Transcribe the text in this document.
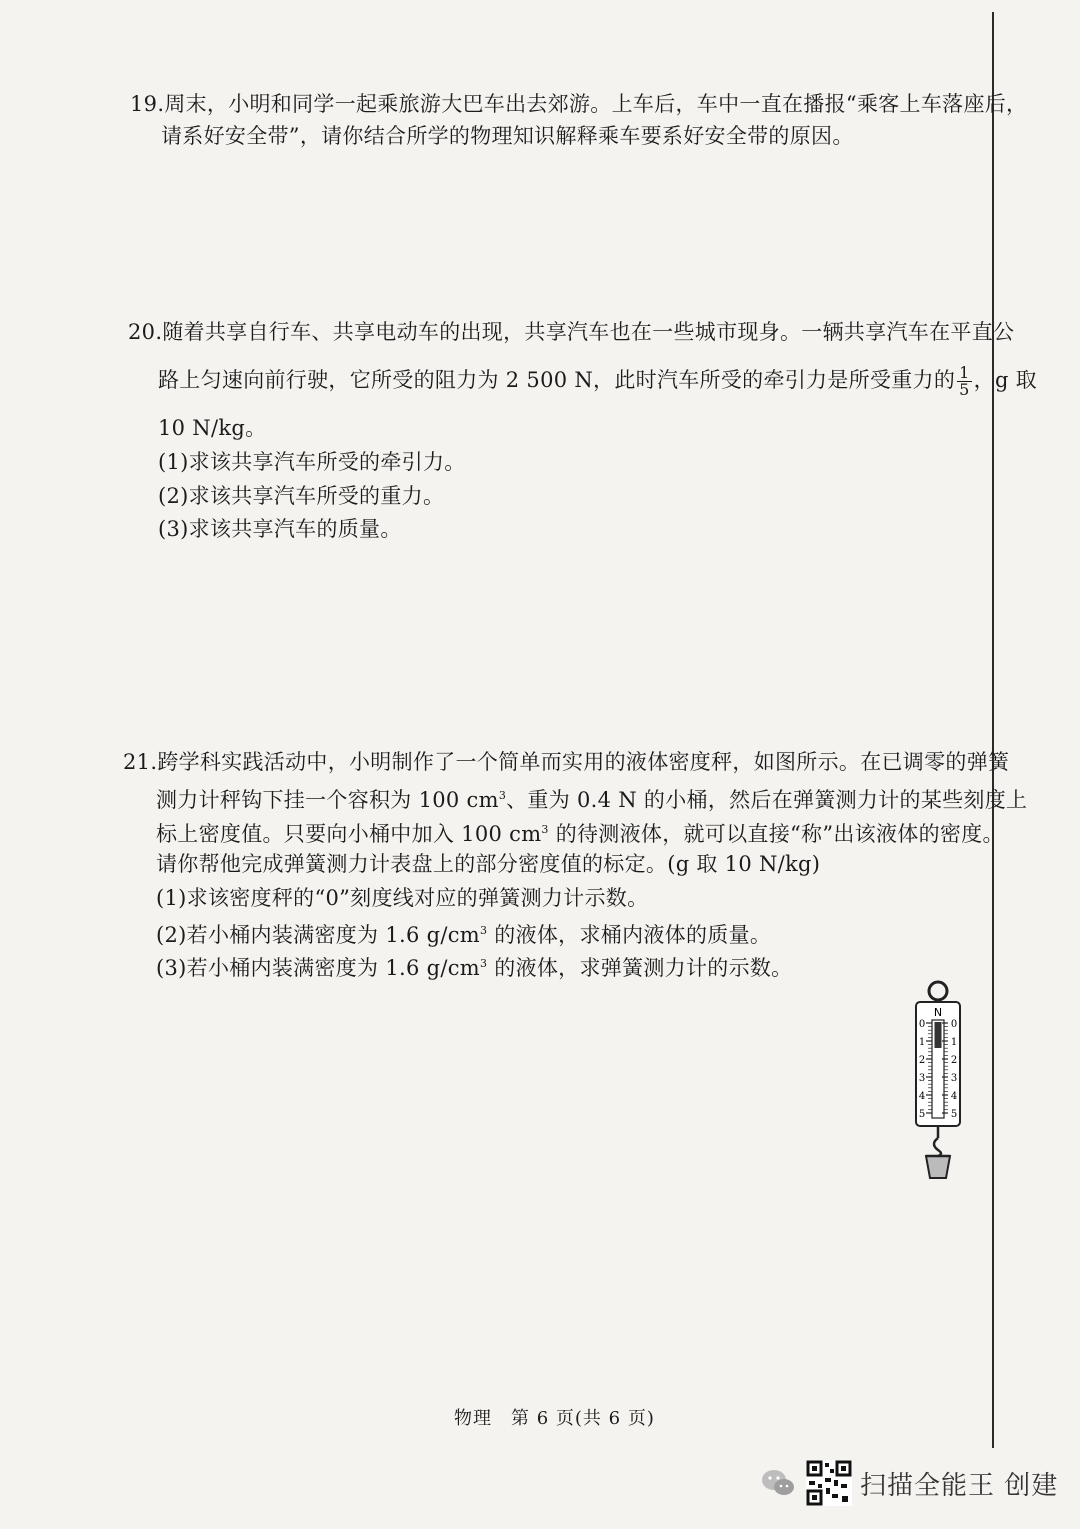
19.周末，小明和同学一起乘旅游大巴车出去郊游。上车后，车中一直在播报“乘客上车落座后，
请系好安全带”，请你结合所学的物理知识解释乘车要系好安全带的原因。
20.随着共享自行车、共享电动车的出现，共享汽车也在一些城市现身。一辆共享汽车在平直公
路上匀速向前行驶，它所受的阻力为 2 500 N，此时汽车所受的牵引力是所受重力的 $\frac{1}{5}$ ，g 取
10 N/kg。
(1)求该共享汽车所受的牵引力。
(2)求该共享汽车所受的重力。
(3)求该共享汽车的质量。
21.跨学科实践活动中，小明制作了一个简单而实用的液体密度秤，如图所示。在已调零的弹簧
测力计秤钩下挂一个容积为 100 $cm^3$、重为 0.4 N 的小桶，然后在弹簧测力计的某些刻度上
标上密度值。只要向小桶中加入 100 $cm^3$ 的待测液体，就可以直接“称”出该液体的密度。
请你帮他完成弹簧测力计表盘上的部分密度值的标定。(g 取 10 N/kg)
(1)求该密度秤的“0”刻度线对应的弹簧测力计示数。
(2)若小桶内装满密度为 1.6 $g/cm^3$ 的液体，求桶内液体的质量。
(3)若小桶内装满密度为 1.6 $g/cm^3$ 的液体，求弹簧测力计的示数。
N
0
1
2
3
4
5
0
1
2
3
4
5
物理　第 6 页(共 6 页)
扫描全能王 创建
